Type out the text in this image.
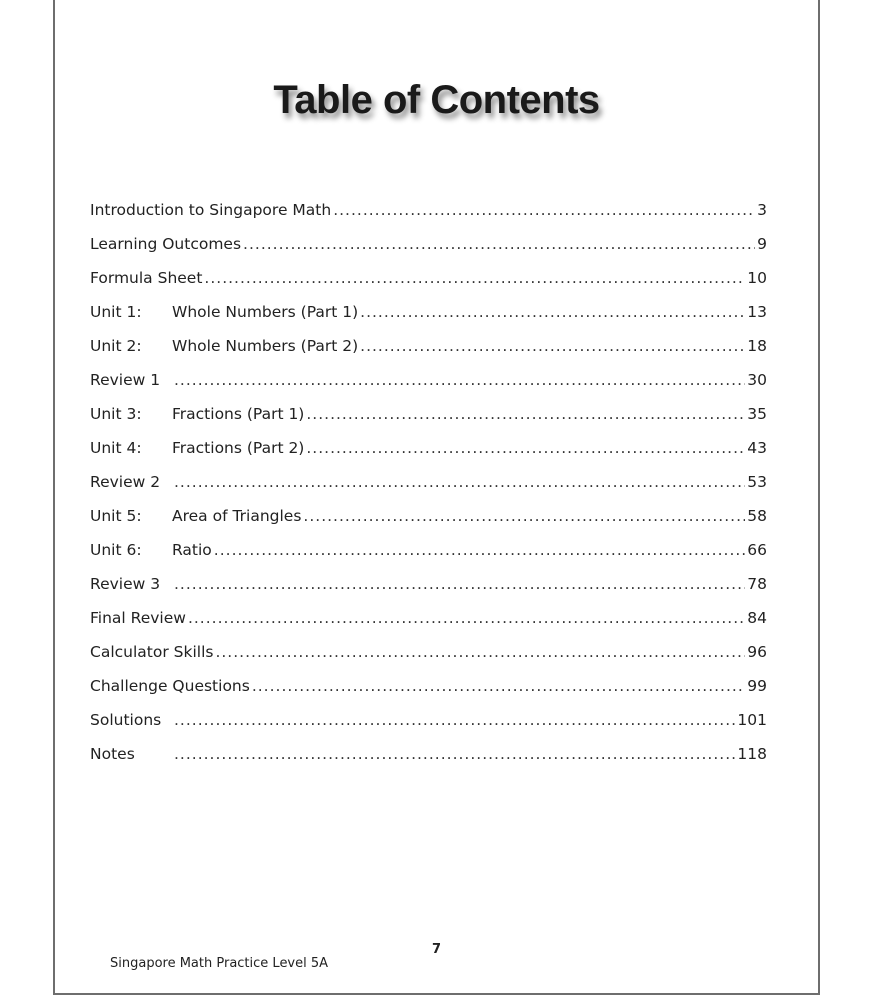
Table of Contents
Introduction to Singapore Math .....	3
Learning Outcomes .....	9
Formula Sheet .....	10
Unit 1:	Whole Numbers (Part 1) .....	13
Unit 2:	Whole Numbers (Part 2) .....	18
Review 1 .....	30
Unit 3:	Fractions (Part 1) .....	35
Unit 4:	Fractions (Part 2) .....	43
Review 2 .....	53
Unit 5:	Area of Triangles .....	58
Unit 6:	Ratio .....	66
Review 3 .....	78
Final Review .....	84
Calculator Skills .....	96
Challenge Questions .....	99
Solutions .....	101
Notes .....	118
7
Singapore Math Practice Level 5A
